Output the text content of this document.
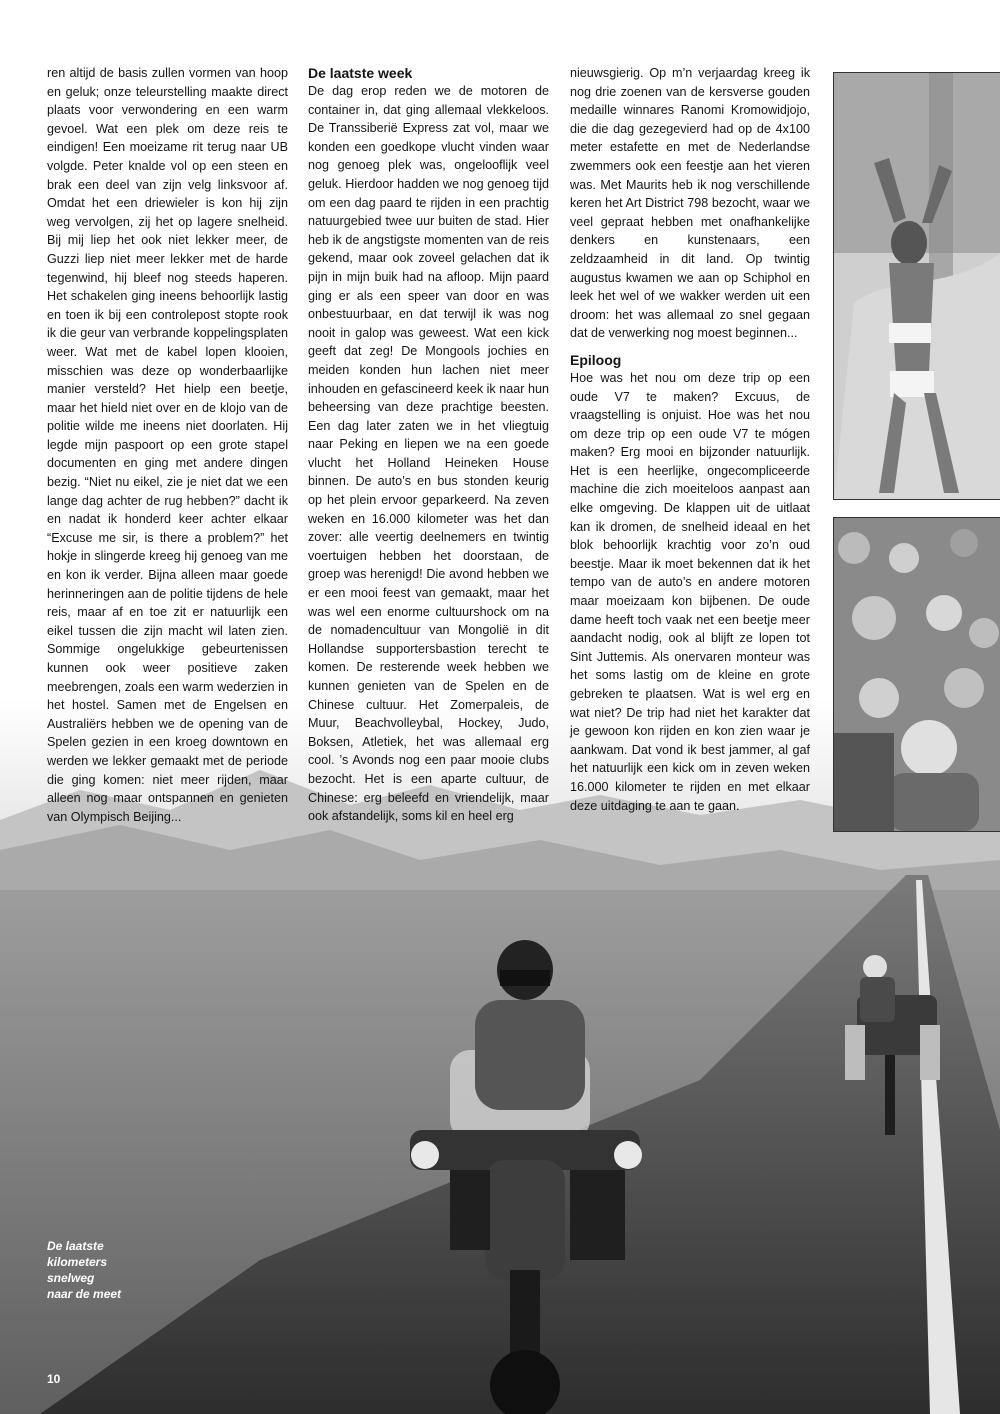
ren altijd de basis zullen vormen van hoop en geluk; onze teleurstelling maakte direct plaats voor verwondering en een warm gevoel. Wat een plek om deze reis te eindigen! Een moeizame rit terug naar UB volgde. Peter knalde vol op een steen en brak een deel van zijn velg linksvoor af. Omdat het een driewieler is kon hij zijn weg vervolgen, zij het op lagere snelheid. Bij mij liep het ook niet lekker meer, de Guzzi liep niet meer lekker met de harde tegenwind, hij bleef nog steeds haperen. Het schakelen ging ineens behoorlijk lastig en toen ik bij een controlepost stopte rook ik die geur van verbrande koppelingsplaten weer. Wat met de kabel lopen klooien, misschien was deze op wonderbaarlijke manier versteld? Het hielp een beetje, maar het hield niet over en de klojo van de politie wilde me ineens niet doorlaten. Hij legde mijn paspoort op een grote stapel documenten en ging met andere dingen bezig. “Niet nu eikel, zie je niet dat we een lange dag achter de rug hebben?” dacht ik en nadat ik honderd keer achter elkaar “Excuse me sir, is there a problem?” het hokje in slingerde kreeg hij genoeg van me en kon ik verder. Bijna alleen maar goede herinneringen aan de politie tijdens de hele reis, maar af en toe zit er natuurlijk een eikel tussen die zijn macht wil laten zien. Sommige ongelukkige gebeurtenissen kunnen ook weer positieve zaken meebrengen, zoals een warm wederzien in het hostel. Samen met de Engelsen en Australiërs hebben we de opening van de Spelen gezien in een kroeg downtown en werden we lekker gemaakt met de periode die ging komen: niet meer rijden, maar alleen nog maar ontspannen en genieten van Olympisch Beijing...

De laatste week

De dag erop reden we de motoren de container in, dat ging allemaal vlekkeloos. De Transsiberië Express zat vol, maar we konden een goedkope vlucht vinden waar nog genoeg plek was, ongelooflijk veel geluk. Hierdoor hadden we nog genoeg tijd om een dag paard te rijden in een prachtig natuurgebied twee uur buiten de stad. Hier heb ik de angstigste momenten van de reis gekend, maar ook zoveel gelachen dat ik pijn in mijn buik had na afloop. Mijn paard ging er als een speer van door en was onbestuurbaar, en dat terwijl ik was nog nooit in galop was geweest. Wat een kick geeft dat zeg! De Mongools jochies en meiden konden hun lachen niet meer inhouden en gefascineerd keek ik naar hun beheersing van deze prachtige beesten. Een dag later zaten we in het vliegtuig naar Peking en liepen we na een goede vlucht het Holland Heineken House binnen. De auto’s en bus stonden keurig op het plein ervoor geparkeerd. Na zeven weken en 16.000 kilometer was het dan zover: alle veertig deelnemers en twintig voertuigen hebben het doorstaan, de groep was herenigd! Die avond hebben we er een mooi feest van gemaakt, maar het was wel een enorme cultuurshock om na de nomadencultuur van Mongolië in dit Hollandse supportersbastion terecht te komen. De resterende week hebben we kunnen genieten van de Spelen en de Chinese cultuur. Het Zomerpaleis, de Muur, Beachvolleybal, Hockey, Judo, Boksen, Atletiek, het was allemaal erg cool. ’s Avonds nog een paar mooie clubs bezocht. Het is een aparte cultuur, de Chinese: erg beleefd en vriendelijk, maar ook afstandelijk, soms kil en heel erg

nieuwsgierig. Op m’n verjaardag kreeg ik nog drie zoenen van de kersverse gouden medaille winnares Ranomi Kromowidjojo, die die dag gezegevierd had op de 4x100 meter estafette en met de Nederlandse zwemmers ook een feestje aan het vieren was. Met Maurits heb ik nog verschillende keren het Art District 798 bezocht, waar we veel gepraat hebben met onafhankelijke denkers en kunstenaars, een zeldzaamheid in dit land. Op twintig augustus kwamen we aan op Schiphol en leek het wel of we wakker werden uit een droom: het was allemaal zo snel gegaan dat de verwerking nog moest beginnen...

Epiloog

Hoe was het nou om deze trip op een oude V7 te maken? Excuus, de vraagstelling is onjuist. Hoe was het nou om deze trip op een oude V7 te mógen maken? Erg mooi en bijzonder natuurlijk. Het is een heerlijke, ongecompliceerde machine die zich moeiteloos aanpast aan elke omgeving. De klappen uit de uitlaat kan ik dromen, de snelheid ideaal en het blok behoorlijk krachtig voor zo’n oud beestje. Maar ik moet bekennen dat ik het tempo van de auto’s en andere motoren maar moeizaam kon bijbenen. De oude dame heeft toch vaak net een beetje meer aandacht nodig, ook al blijft ze lopen tot Sint Juttemis. Als onervaren monteur was het soms lastig om de kleine en grote gebreken te plaatsen. Wat is wel erg en wat niet? De trip had niet het karakter dat je gewoon kon rijden en kon zien waar je aankwam. Dat vond ik best jammer, al gaf het natuurlijk een kick om in zeven weken 16.000 kilometer te rijden en met elkaar deze uitdaging te aan te gaan.

De laatste
kilometers
snelweg
naar de meet
10
